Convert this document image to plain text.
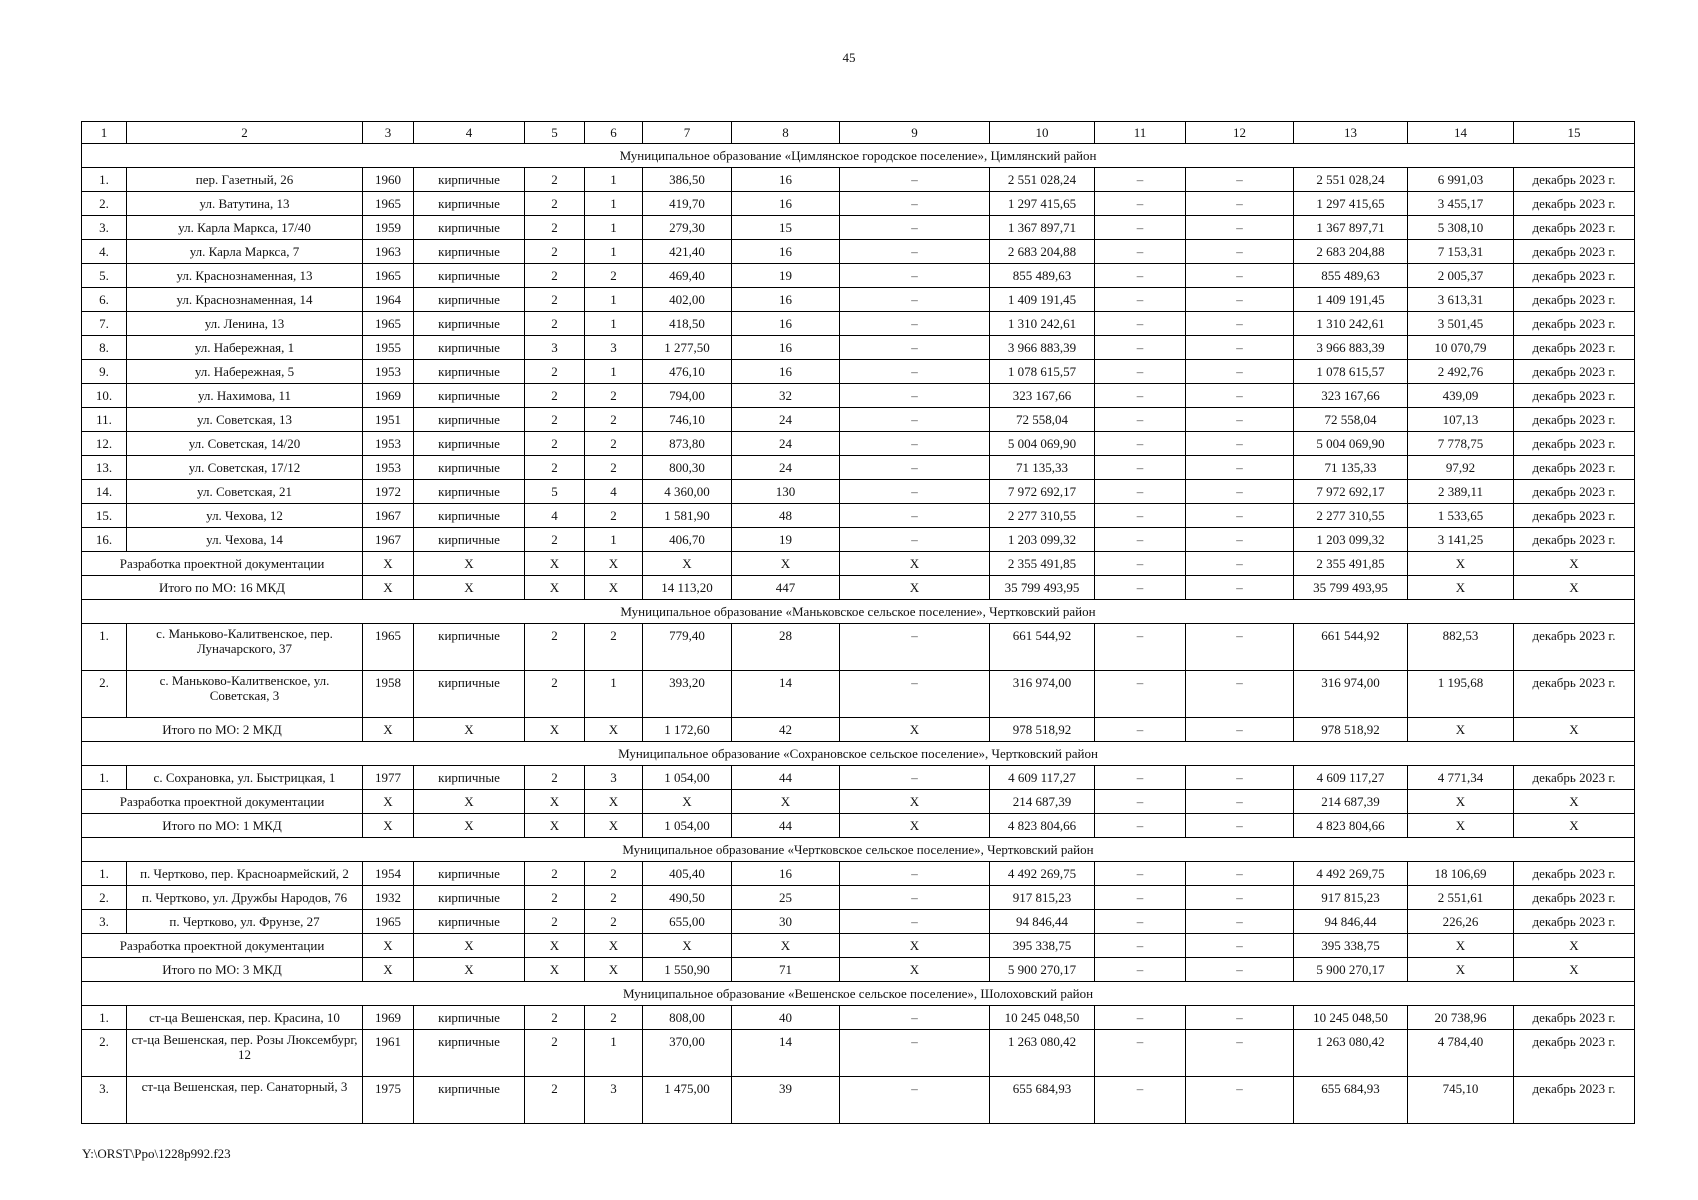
45
1	2	3	4	5	6	7	8	9	10	11	12	13	14	15
Муниципальное образование «Цимлянское городское поселение», Цимлянский район														
1.	пер. Газетный, 26	1960	кирпичные	2	1	386,50	16	–	2 551 028,24	–	–	2 551 028,24	6 991,03	декабрь 2023 г.
2.	ул. Ватутина, 13	1965	кирпичные	2	1	419,70	16	–	1 297 415,65	–	–	1 297 415,65	3 455,17	декабрь 2023 г.
3.	ул. Карла Маркса, 17/40	1959	кирпичные	2	1	279,30	15	–	1 367 897,71	–	–	1 367 897,71	5 308,10	декабрь 2023 г.
4.	ул. Карла Маркса, 7	1963	кирпичные	2	1	421,40	16	–	2 683 204,88	–	–	2 683 204,88	7 153,31	декабрь 2023 г.
5.	ул. Краснознаменная, 13	1965	кирпичные	2	2	469,40	19	–	855 489,63	–	–	855 489,63	2 005,37	декабрь 2023 г.
6.	ул. Краснознаменная, 14	1964	кирпичные	2	1	402,00	16	–	1 409 191,45	–	–	1 409 191,45	3 613,31	декабрь 2023 г.
7.	ул. Ленина, 13	1965	кирпичные	2	1	418,50	16	–	1 310 242,61	–	–	1 310 242,61	3 501,45	декабрь 2023 г.
8.	ул. Набережная, 1	1955	кирпичные	3	3	1 277,50	16	–	3 966 883,39	–	–	3 966 883,39	10 070,79	декабрь 2023 г.
9.	ул. Набережная, 5	1953	кирпичные	2	1	476,10	16	–	1 078 615,57	–	–	1 078 615,57	2 492,76	декабрь 2023 г.
10.	ул. Нахимова, 11	1969	кирпичные	2	2	794,00	32	–	323 167,66	–	–	323 167,66	439,09	декабрь 2023 г.
11.	ул. Советская, 13	1951	кирпичные	2	2	746,10	24	–	72 558,04	–	–	72 558,04	107,13	декабрь 2023 г.
12.	ул. Советская, 14/20	1953	кирпичные	2	2	873,80	24	–	5 004 069,90	–	–	5 004 069,90	7 778,75	декабрь 2023 г.
13.	ул. Советская, 17/12	1953	кирпичные	2	2	800,30	24	–	71 135,33	–	–	71 135,33	97,92	декабрь 2023 г.
14.	ул. Советская, 21	1972	кирпичные	5	4	4 360,00	130	–	7 972 692,17	–	–	7 972 692,17	2 389,11	декабрь 2023 г.
15.	ул. Чехова, 12	1967	кирпичные	4	2	1 581,90	48	–	2 277 310,55	–	–	2 277 310,55	1 533,65	декабрь 2023 г.
16.	ул. Чехова, 14	1967	кирпичные	2	1	406,70	19	–	1 203 099,32	–	–	1 203 099,32	3 141,25	декабрь 2023 г.
Разработка проектной документации		X	X	X	X	X	X	X	2 355 491,85	–	–	2 355 491,85	X	X
Итого по МО: 16 МКД		X	X	X	X	14 113,20	447	X	35 799 493,95	–	–	35 799 493,95	X	X
Муниципальное образование «Маньковское сельское поселение», Чертковский район														
1.	с. Маньково-Калитвенское, пер. Луначарского, 37	1965	кирпичные	2	2	779,40	28	–	661 544,92	–	–	661 544,92	882,53	декабрь 2023 г.
2.	с. Маньково-Калитвенское, ул. Советская, 3	1958	кирпичные	2	1	393,20	14	–	316 974,00	–	–	316 974,00	1 195,68	декабрь 2023 г.
Итого по МО: 2 МКД		X	X	X	X	1 172,60	42	X	978 518,92	–	–	978 518,92	X	X
Муниципальное образование «Сохрановское сельское поселение», Чертковский район														
1.	с. Сохрановка, ул. Быстрицкая, 1	1977	кирпичные	2	3	1 054,00	44	–	4 609 117,27	–	–	4 609 117,27	4 771,34	декабрь 2023 г.
Разработка проектной документации		X	X	X	X	X	X	X	214 687,39	–	–	214 687,39	X	X
Итого по МО: 1 МКД		X	X	X	X	1 054,00	44	X	4 823 804,66	–	–	4 823 804,66	X	X
Муниципальное образование «Чертковское сельское поселение», Чертковский район														
1.	п. Чертково, пер. Красноармейский, 2	1954	кирпичные	2	2	405,40	16	–	4 492 269,75	–	–	4 492 269,75	18 106,69	декабрь 2023 г.
2.	п. Чертково, ул. Дружбы Народов, 76	1932	кирпичные	2	2	490,50	25	–	917 815,23	–	–	917 815,23	2 551,61	декабрь 2023 г.
3.	п. Чертково, ул. Фрунзе, 27	1965	кирпичные	2	2	655,00	30	–	94 846,44	–	–	94 846,44	226,26	декабрь 2023 г.
Разработка проектной документации		X	X	X	X	X	X	X	395 338,75	–	–	395 338,75	X	X
Итого по МО: 3 МКД		X	X	X	X	1 550,90	71	X	5 900 270,17	–	–	5 900 270,17	X	X
Муниципальное образование «Вешенское сельское поселение», Шолоховский район														
1.	ст-ца Вешенская, пер. Красина, 10	1969	кирпичные	2	2	808,00	40	–	10 245 048,50	–	–	10 245 048,50	20 738,96	декабрь 2023 г.
2.	ст-ца Вешенская, пер. Розы Люксембург, 12	1961	кирпичные	2	1	370,00	14	–	1 263 080,42	–	–	1 263 080,42	4 784,40	декабрь 2023 г.
3.	ст-ца Вешенская, пер. Санаторный, 3	1975	кирпичные	2	3	1 475,00	39	–	655 684,93	–	–	655 684,93	745,10	декабрь 2023 г.
Y:\ORST\Ppo\1228p992.f23
